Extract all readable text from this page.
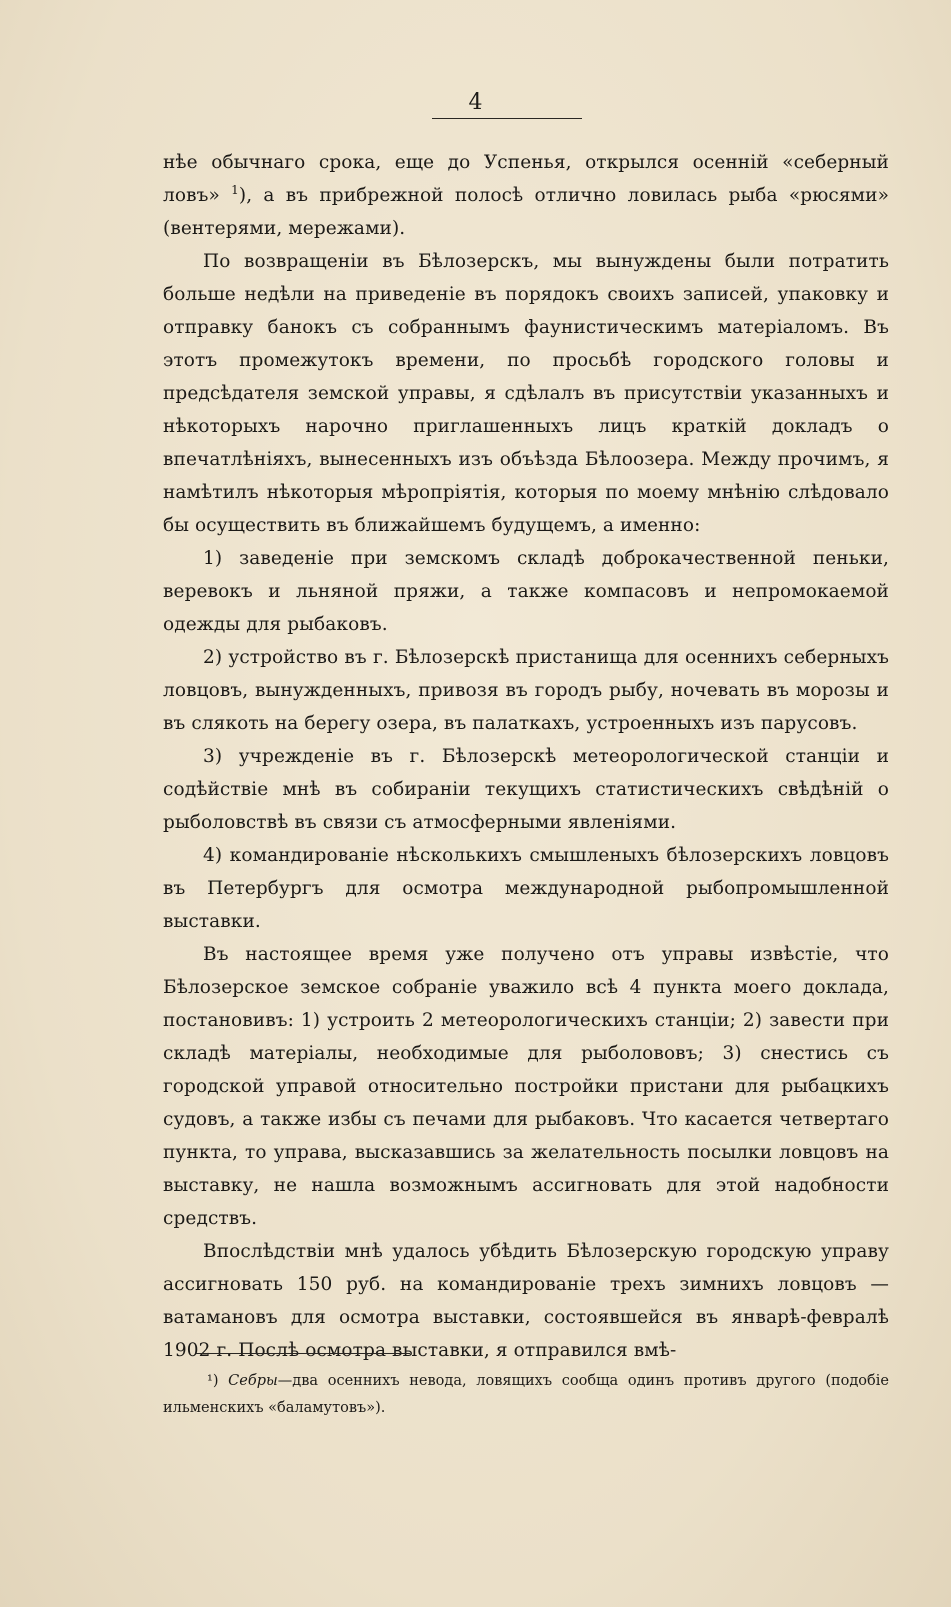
4

нѣе обычнаго срока, еще до Успенья, открылся осенній «себерный ловъ» $^1$), а въ прибрежной полосѣ отлично ловилась рыба «рюсями» (вентерями, мережами).

По возвращеніи въ Бѣлозерскъ, мы вынуждены были потратить больше недѣли на приведеніе въ порядокъ своихъ записей, упаковку и отправку банокъ съ собраннымъ фаунистическимъ матеріаломъ. Въ этотъ промежутокъ времени, по просьбѣ городского головы и предсѣдателя земской управы, я сдѣлалъ въ присутствіи указанныхъ и нѣкоторыхъ нарочно приглашенныхъ лицъ краткій докладъ о впечатлѣніяхъ, вынесенныхъ изъ объѣзда Бѣлоозера. Между прочимъ, я намѣтилъ нѣкоторыя мѣропріятія, которыя по моему мнѣнію слѣдовало бы осуществить въ ближайшемъ будущемъ, а именно:

1) заведеніе при земскомъ складѣ доброкачественной пеньки, веревокъ и льняной пряжи, а также компасовъ и непромокаемой одежды для рыбаковъ.

2) устройство въ г. Бѣлозерскѣ пристанища для осеннихъ себерныхъ ловцовъ, вынужденныхъ, привозя въ городъ рыбу, ночевать въ морозы и въ слякоть на берегу озера, въ палаткахъ, устроенныхъ изъ парусовъ.

3) учрежденіе въ г. Бѣлозерскѣ метеорологической станціи и содѣйствіе мнѣ въ собираніи текущихъ статистическихъ свѣдѣній о рыболовствѣ въ связи съ атмосферными явленіями.

4) командированіе нѣсколькихъ смышленыхъ бѣлозерскихъ ловцовъ въ Петербургъ для осмотра международной рыбопромышленной выставки.

Въ настоящее время уже получено отъ управы извѣстіе, что Бѣлозерское земское собраніе уважило всѣ 4 пункта моего доклада, постановивъ: 1) устроить 2 метеорологическихъ станціи; 2) завести при складѣ матеріалы, необходимые для рыболововъ; 3) снестись съ городской управой относительно постройки пристани для рыбацкихъ судовъ, а также избы съ печами для рыбаковъ. Что касается четвертаго пункта, то управа, высказавшись за желательность посылки ловцовъ на выставку, не нашла возможнымъ ассигновать для этой надобности средствъ.

Впослѣдствіи мнѣ удалось убѣдить Бѣлозерскую городскую управу ассигновать 150 руб. на командированіе трехъ зимнихъ ловцовъ — ватамановъ для осмотра выставки, состоявшейся въ январѣ-февралѣ 1902 г. Послѣ осмотра выставки, я отправился вмѣ-

¹) Себры—два осеннихъ невода, ловящихъ сообща одинъ противъ другого (подобіе ильменскихъ «баламутовъ»).
